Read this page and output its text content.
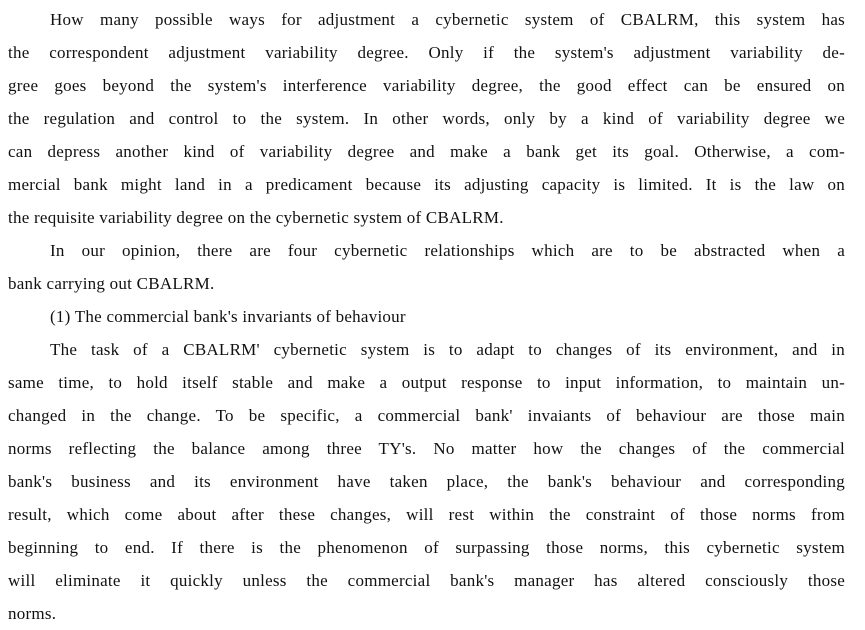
How many possible ways for adjustment a cybernetic system of CBALRM, this system has
the correspondent adjustment variability degree. Only if the system's adjustment variability de-
gree goes beyond the system's interference variability degree, the good effect can be ensured on
the regulation and control to the system. In other words, only by a kind of variability degree we
can depress another kind of variability degree and make a bank get its goal. Otherwise, a com-
mercial bank might land in a predicament because its adjusting capacity is limited. It is the law on
the requisite variability degree on the cybernetic system of CBALRM.
In our opinion, there are four cybernetic relationships which are to be abstracted when a
bank carrying out CBALRM.
(1) The commercial bank's invariants of behaviour
The task of a CBALRM' cybernetic system is to adapt to changes of its environment, and in
same time, to hold itself stable and make a output response to input information, to maintain un-
changed in the change. To be specific, a commercial bank' invaiants of behaviour are those main
norms reflecting the balance among three TY's. No matter how the changes of the commercial
bank's business and its environment have taken place, the bank's behaviour and corresponding
result, which come about after these changes, will rest within the constraint of those norms from
beginning to end. If there is the phenomenon of surpassing those norms, this cybernetic system
will eliminate it quickly unless the commercial bank's manager has altered consciously those
norms.
